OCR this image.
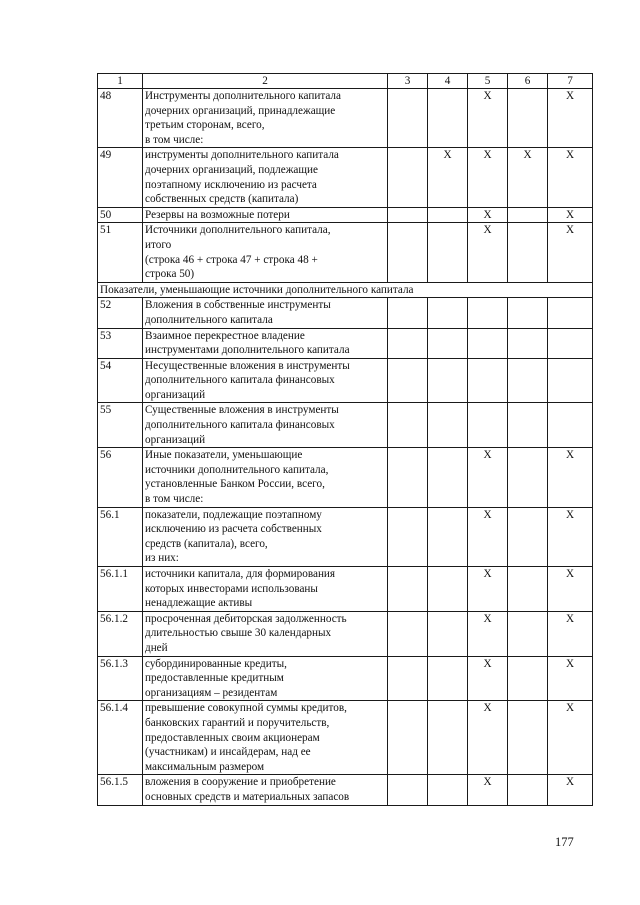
1	2	3	4	5	6	7
48	Инструменты дополнительного капитала
дочерних организаций, принадлежащие
третьим сторонам, всего,
в том числе:			X		X
49	инструменты дополнительного капитала
дочерних организаций, подлежащие
поэтапному исключению из расчета
собственных средств (капитала)		X	X	X	X
50	Резервы на возможные потери			X		X
51	Источники дополнительного капитала,
итого
(строка 46 + строка 47 + строка 48 +
строка 50)			X		X
Показатели, уменьшающие источники дополнительного капитала						
52	Вложения в собственные инструменты
дополнительного капитала					

53	Взаимное перекрестное владение
инструментами дополнительного капитала					

54	Несущественные вложения в инструменты
дополнительного капитала финансовых
организаций					

55	Существенные вложения в инструменты
дополнительного капитала финансовых
организаций					

56	Иные показатели, уменьшающие
источники дополнительного капитала,
установленные Банком России, всего,
в том числе:			X		X
56.1	показатели, подлежащие поэтапному
исключению из расчета собственных
средств (капитала), всего,
из них:			X		X
56.1.1	источники капитала, для формирования
которых инвесторами использованы
ненадлежащие активы			X		X
56.1.2	просроченная дебиторская задолженность
длительностью свыше 30 календарных
дней			X		X
56.1.3	субординированные кредиты,
предоставленные кредитным
организациям – резидентам			X		X
56.1.4	превышение совокупной суммы кредитов,
банковских гарантий и поручительств,
предоставленных своим акционерам
(участникам) и инсайдерам, над ее
максимальным размером			X		X
56.1.5	вложения в сооружение и приобретение
основных средств и материальных запасов			X		X
177
